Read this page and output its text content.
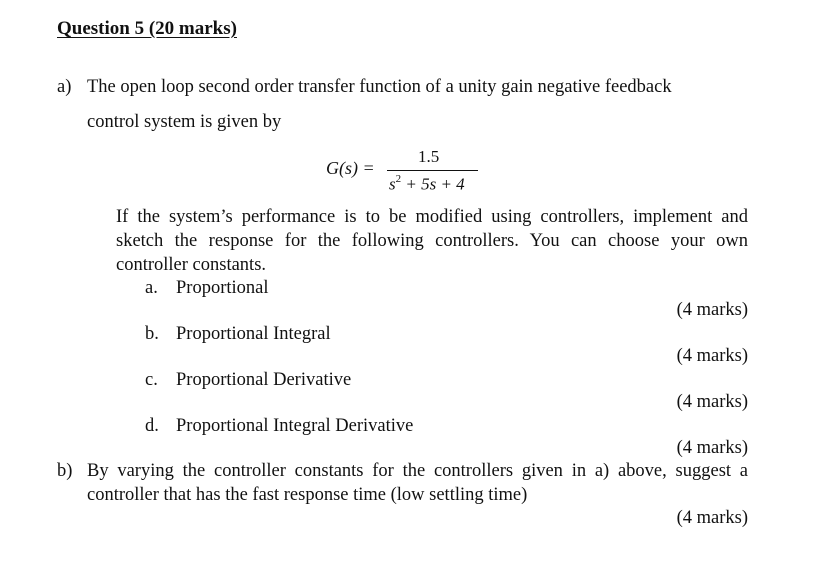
Question 5 (20 marks)
a) The open loop second order transfer function of a unity gain negative feedback
control system is given by
G(s) =
1.5
$s^2 + 5s + 4$
If the system’s performance is to be modified using controllers, implement and
sketch the response for the following controllers. You can choose your own
controller constants.
a. Proportional
(4 marks)
b. Proportional Integral
(4 marks)
c. Proportional Derivative
(4 marks)
d. Proportional Integral Derivative
(4 marks)
b) By varying the controller constants for the controllers given in a) above, suggest a
controller that has the fast response time (low settling time)
(4 marks)
